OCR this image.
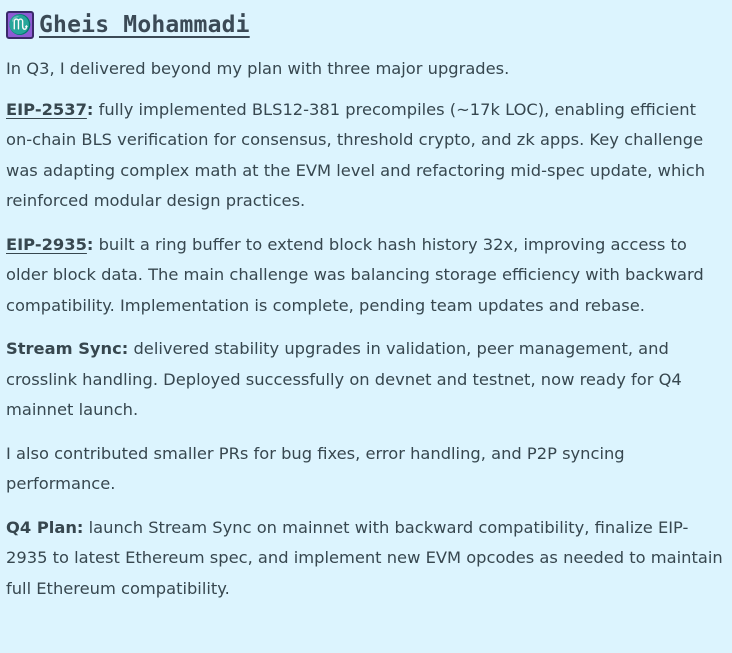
♏ Gheis Mohammadi

In Q3, I delivered beyond my plan with three major upgrades.

EIP-2537: fully implemented BLS12-381 precompiles (~17k LOC), enabling efficient on-chain BLS verification for consensus, threshold crypto, and zk apps. Key challenge was adapting complex math at the EVM level and refactoring mid-spec update, which reinforced modular design practices.

EIP-2935: built a ring buffer to extend block hash history 32x, improving access to older block data. The main challenge was balancing storage efficiency with backward compatibility. Implementation is complete, pending team updates and rebase.

Stream Sync: delivered stability upgrades in validation, peer management, and crosslink handling. Deployed successfully on devnet and testnet, now ready for Q4 mainnet launch.

I also contributed smaller PRs for bug fixes, error handling, and P2P syncing performance.

Q4 Plan: launch Stream Sync on mainnet with backward compatibility, finalize EIP-2935 to latest Ethereum spec, and implement new EVM opcodes as needed to maintain full Ethereum compatibility.
